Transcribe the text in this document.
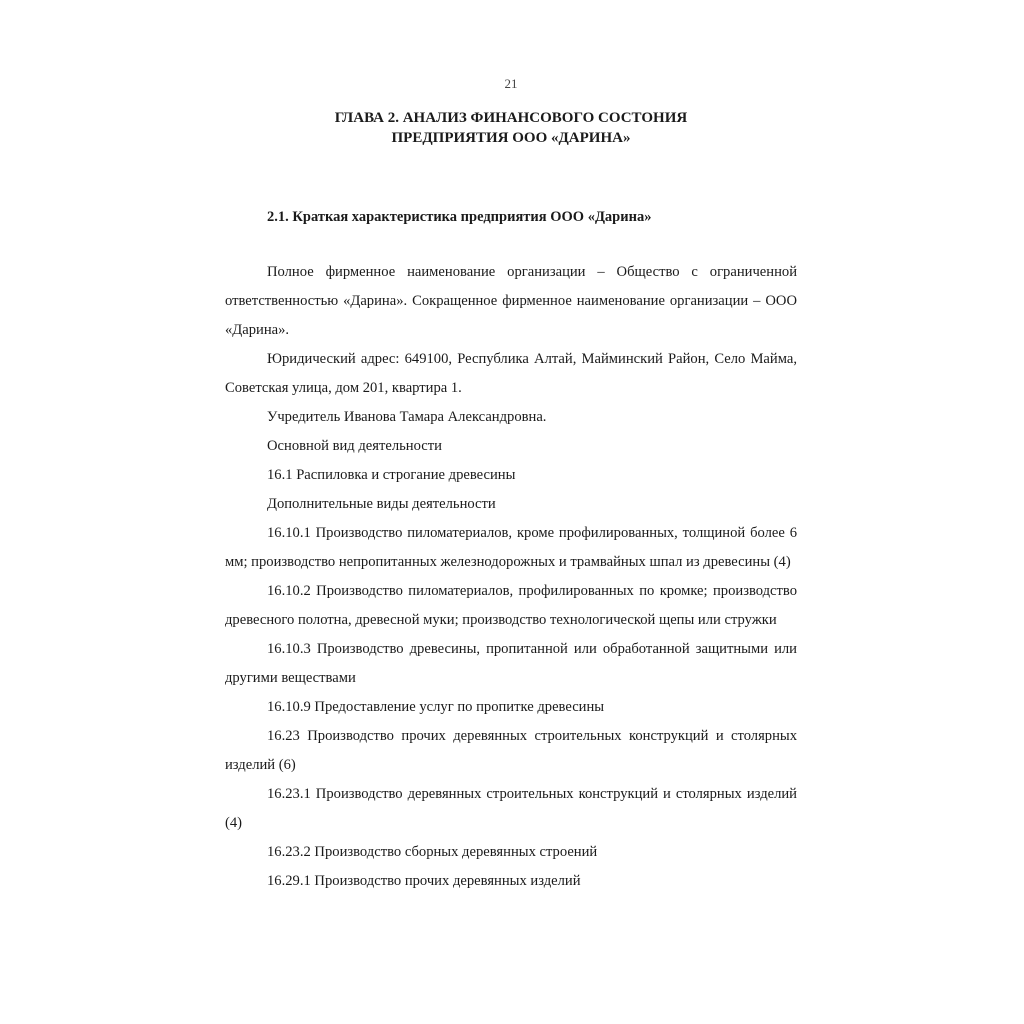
21
ГЛАВА 2. АНАЛИЗ ФИНАНСОВОГО СОСТОНИЯ
ПРЕДПРИЯТИЯ ООО «ДАРИНА»
2.1. Краткая характеристика предприятия ООО «Дарина»

Полное фирменное наименование организации – Общество с ограниченной ответственностью «Дарина». Сокращенное фирменное наименование организации – ООО «Дарина».

Юридический адрес: 649100, Республика Алтай, Майминский Район, Село Майма, Советская улица, дом 201, квартира 1.

Учредитель Иванова Тамара Александровна.

Основной вид деятельности

16.1 Распиловка и строгание древесины

Дополнительные виды деятельности

16.10.1 Производство пиломатериалов, кроме профилированных, толщиной более 6 мм; производство непропитанных железнодорожных и трамвайных шпал из древесины (4)

16.10.2 Производство пиломатериалов, профилированных по кромке; производство древесного полотна, древесной муки; производство технологической щепы или стружки

16.10.3 Производство древесины, пропитанной или обработанной защитными или другими веществами

16.10.9 Предоставление услуг по пропитке древесины

16.23 Производство прочих деревянных строительных конструкций и столярных изделий (6)

16.23.1 Производство деревянных строительных конструкций и столярных изделий (4)

16.23.2 Производство сборных деревянных строений

16.29.1 Производство прочих деревянных изделий
